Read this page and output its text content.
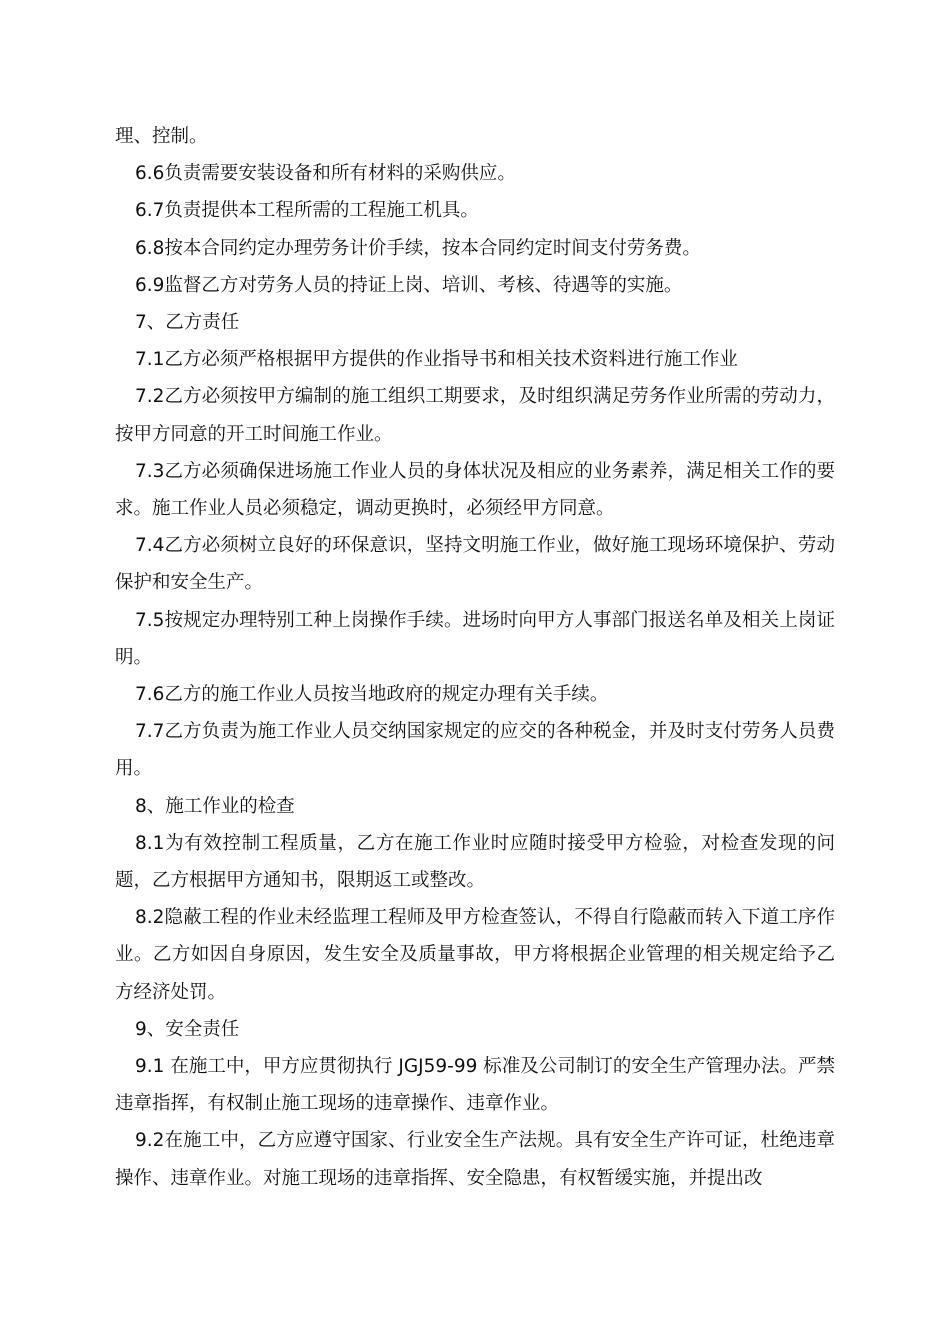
理、控制。

6.6负责需要安装设备和所有材料的采购供应。

6.7负责提供本工程所需的工程施工机具。

6.8按本合同约定办理劳务计价手续，按本合同约定时间支付劳务费。

6.9监督乙方对劳务人员的持证上岗、培训、考核、待遇等的实施。

7、乙方责任

7.1乙方必须严格根据甲方提供的作业指导书和相关技术资料进行施工作业

7.2乙方必须按甲方编制的施工组织工期要求，及时组织满足劳务作业所需的劳动力，按甲方同意的开工时间施工作业。

7.3乙方必须确保进场施工作业人员的身体状况及相应的业务素养，满足相关工作的要求。施工作业人员必须稳定，调动更换时，必须经甲方同意。

7.4乙方必须树立良好的环保意识，坚持文明施工作业，做好施工现场环境保护、劳动保护和安全生产。

7.5按规定办理特别工种上岗操作手续。进场时向甲方人事部门报送名单及相关上岗证明。

7.6乙方的施工作业人员按当地政府的规定办理有关手续。

7.7乙方负责为施工作业人员交纳国家规定的应交的各种税金，并及时支付劳务人员费用。

8、施工作业的检查

8.1为有效控制工程质量，乙方在施工作业时应随时接受甲方检验，对检查发现的问题，乙方根据甲方通知书，限期返工或整改。

8.2隐蔽工程的作业未经监理工程师及甲方检查签认，不得自行隐蔽而转入下道工序作业。乙方如因自身原因，发生安全及质量事故，甲方将根据企业管理的相关规定给予乙方经济处罚。

9、安全责任

9.1 在施工中，甲方应贯彻执行 JGJ59-99 标准及公司制订的安全生产管理办法。严禁违章指挥，有权制止施工现场的违章操作、违章作业。

9.2在施工中，乙方应遵守国家、行业安全生产法规。具有安全生产许可证，杜绝违章操作、违章作业。对施工现场的违章指挥、安全隐患，有权暂缓实施，并提出改
